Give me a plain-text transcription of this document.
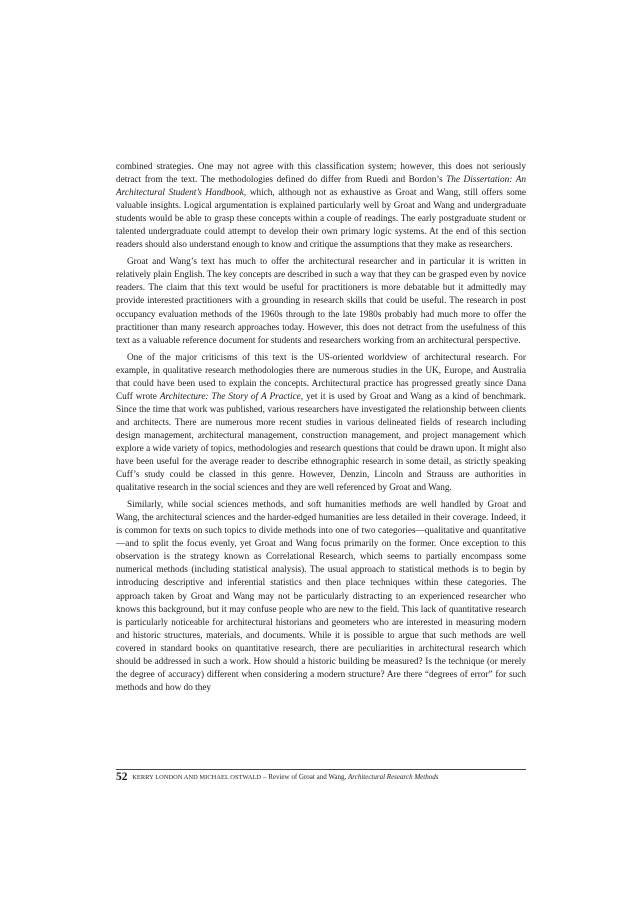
combined strategies. One may not agree with this classification system; however, this does not seriously detract from the text. The methodologies defined do differ from Ruedi and Bordon’s The Dissertation: An Architectural Student’s Handbook, which, although not as exhaustive as Groat and Wang, still offers some valuable insights. Logical argumentation is explained particularly well by Groat and Wang and undergraduate students would be able to grasp these concepts within a couple of readings. The early postgraduate student or talented undergraduate could attempt to develop their own primary logic systems. At the end of this section readers should also understand enough to know and critique the assumptions that they make as researchers.

Groat and Wang’s text has much to offer the architectural researcher and in particular it is written in relatively plain English. The key concepts are described in such a way that they can be grasped even by novice readers. The claim that this text would be useful for practitioners is more debatable but it admittedly may provide interested practitioners with a grounding in research skills that could be useful. The research in post occupancy evaluation methods of the 1960s through to the late 1980s probably had much more to offer the practitioner than many research approaches today. However, this does not detract from the usefulness of this text as a valuable reference document for students and researchers working from an architectural perspective.

One of the major criticisms of this text is the US-oriented worldview of architectural research. For example, in qualitative research methodologies there are numerous studies in the UK, Europe, and Australia that could have been used to explain the concepts. Architectural practice has progressed greatly since Dana Cuff wrote Architecture: The Story of A Practice, yet it is used by Groat and Wang as a kind of benchmark. Since the time that work was published, various researchers have investigated the relationship between clients and architects. There are numerous more recent studies in various delineated fields of research including design management, architectural management, construction management, and project management which explore a wide variety of topics, methodologies and research questions that could be drawn upon. It might also have been useful for the average reader to describe ethnographic research in some detail, as strictly speaking Cuff’s study could be classed in this genre. However, Denzin, Lincoln and Strauss are authorities in qualitative research in the social sciences and they are well referenced by Groat and Wang.

Similarly, while social sciences methods, and soft humanities methods are well handled by Groat and Wang, the architectural sciences and the harder-edged humanities are less detailed in their coverage. Indeed, it is common for texts on such topics to divide methods into one of two categories—qualitative and quantitative—and to split the focus evenly, yet Groat and Wang focus primarily on the former. Once exception to this observation is the strategy known as Correlational Research, which seems to partially encompass some numerical methods (including statistical analysis). The usual approach to statistical methods is to begin by introducing descriptive and inferential statistics and then place techniques within these categories. The approach taken by Groat and Wang may not be particularly distracting to an experienced researcher who knows this background, but it may confuse people who are new to the field. This lack of quantitative research is particularly noticeable for architectural historians and geometers who are interested in measuring modern and historic structures, materials, and documents. While it is possible to argue that such methods are well covered in standard books on quantitative research, there are peculiarities in architectural research which should be addressed in such a work. How should a historic building be measured? Is the technique (or merely the degree of accuracy) different when considering a modern structure? Are there “degrees of error” for such methods and how do they

52 KERRY LONDON AND MICHAEL OSTWALD – Review of Groat and Wang, Architectural Research Methods
